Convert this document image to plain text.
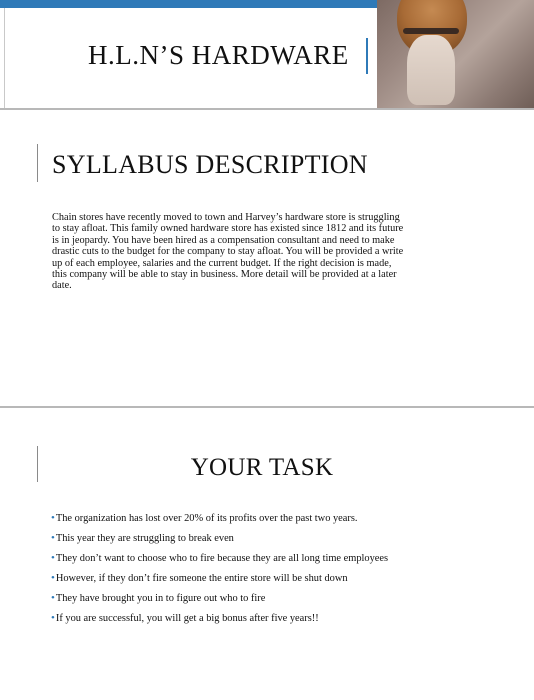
H.L.N’S HARDWARE
SYLLABUS DESCRIPTION
Chain stores have recently moved to town and Harvey’s hardware store is struggling
to stay afloat. This family owned hardware store has existed since 1812 and its future
is in jeopardy. You have been hired as a compensation consultant and need to make
drastic cuts to the budget for the company to stay afloat. You will be provided a write
up of each employee, salaries and the current budget. If the right decision is made,
this company will be able to stay in business. More detail will be provided at a later
date.
YOUR TASK
•The organization has lost over 20% of its profits over the past two years.
•This year they are struggling to break even
•They don’t want to choose who to fire because they are all long time employees
•However, if they don’t fire someone the entire store will be shut down
•They have brought you in to figure out who to fire
•If you are successful, you will get a big bonus after five years!!
